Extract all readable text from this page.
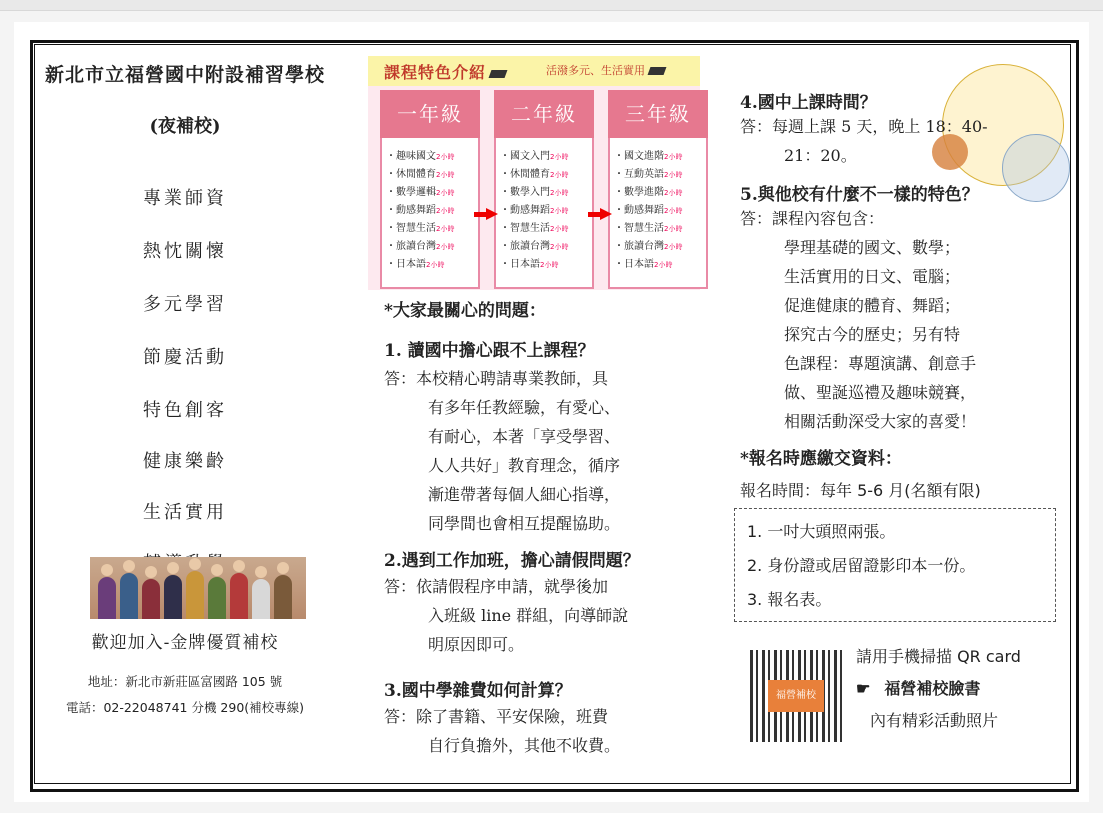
新北市立福營國中附設補習學校
(夜補校)
專業師資
熱忱關懷
多元學習
節慶活動
特色創客
健康樂齡
生活實用
歡迎加入-金牌優質補校
地址：新北市新莊區富國路 105 號
電話：02-22048741 分機 290(補校專線)
課程特色介紹	活潑多元、生活實用
一年級
・趣味國文2小時
・休閒體育2小時
・數學邏輯2小時
・動感舞蹈2小時
・智慧生活2小時
・旅讀台灣2小時
・日本語2小時
二年級
・國文入門2小時
・休閒體育2小時
・數學入門2小時
・動感舞蹈2小時
・智慧生活2小時
・旅讀台灣2小時
・日本語2小時
三年級
・國文進階2小時
・互動英語2小時
・數學進階2小時
・動感舞蹈2小時
・智慧生活2小時
・旅讀台灣2小時
・日本語2小時
*大家最關心的問題：
1. 讀國中擔心跟不上課程？
答：本校精心聘請專業教師，具
有多年任教經驗，有愛心、
有耐心，本著「享受學習、
人人共好」教育理念，循序
漸進帶著每個人細心指導，
同學間也會相互提醒協助。
2.遇到工作加班，擔心請假問題？
答：依請假程序申請，就學後加
入班級 line 群組，向導師說
明原因即可。
3.國中學雜費如何計算？
答：除了書籍、平安保險，班費
自行負擔外，其他不收費。
4.國中上課時間？
答：每週上課 5 天，晚上 18：40-
21：20。
5.與他校有什麼不一樣的特色？
答：課程內容包含：
學理基礎的國文、數學；
生活實用的日文、電腦；
促進健康的體育、舞蹈；
探究古今的歷史；另有特
色課程：專題演講、創意手
做、聖誕巡禮及趣味競賽，
相關活動深受大家的喜愛！
*報名時應繳交資料：
報名時間：每年 5-6 月(名額有限)
1. 一吋大頭照兩張。
2. 身份證或居留證影印本一份。
3. 報名表。
福營補校
請用手機掃描 QR card
☛ 福營補校臉書
內有精彩活動照片
